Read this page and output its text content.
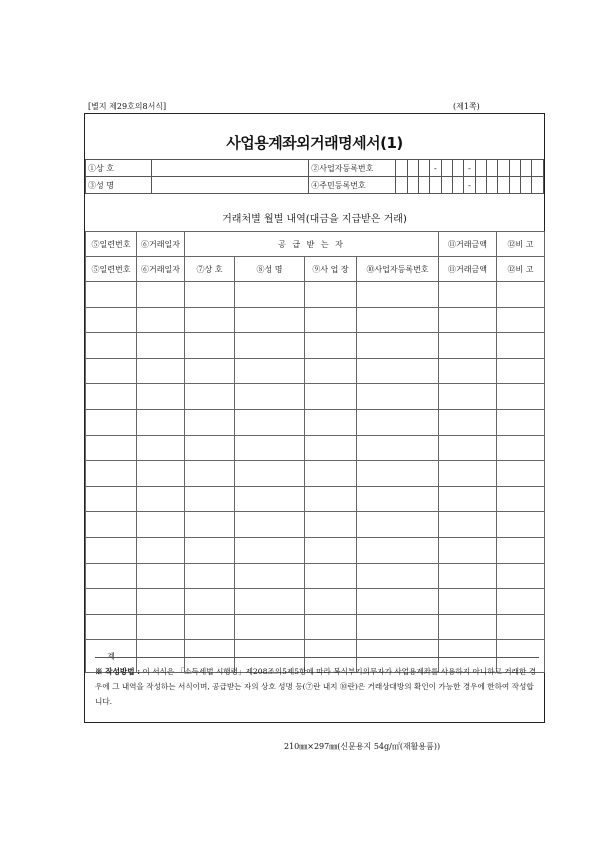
[별지 제29호의8서식]	(제1쪽)
사업용계좌외거래명세서(1)
①상 호		②사업자등록번호				-			-						
③성 명		④주민등록번호							-						
거래처별 월별 내역(대금을 지급받은 거래)
⑤일련번호	⑥거래일자	공 급 받 는 자				⑪거래금액	⑫비 고
⑤일련번호	⑥거래일자	⑦상 호	⑧성 명	⑨사 업 장	⑩사업자등록번호	⑪거래금액	⑫비 고

계							
※ 작성방법 : 이 서식은 「소득세법 시행령」제208조의5제5항에 따라 복식부기의무자가 사업용계좌를 사용하지 아니하고 거래한 경우에 그 내역을 작성하는 서식이며, 공급받는 자의 상호 성명 등(⑦란 내지 ⑩란)은 거래상대방의 확인이 가능한 경우에 한하여 작성합니다.
210㎜×297㎜(신문용지 54g/㎡(재활용품))
